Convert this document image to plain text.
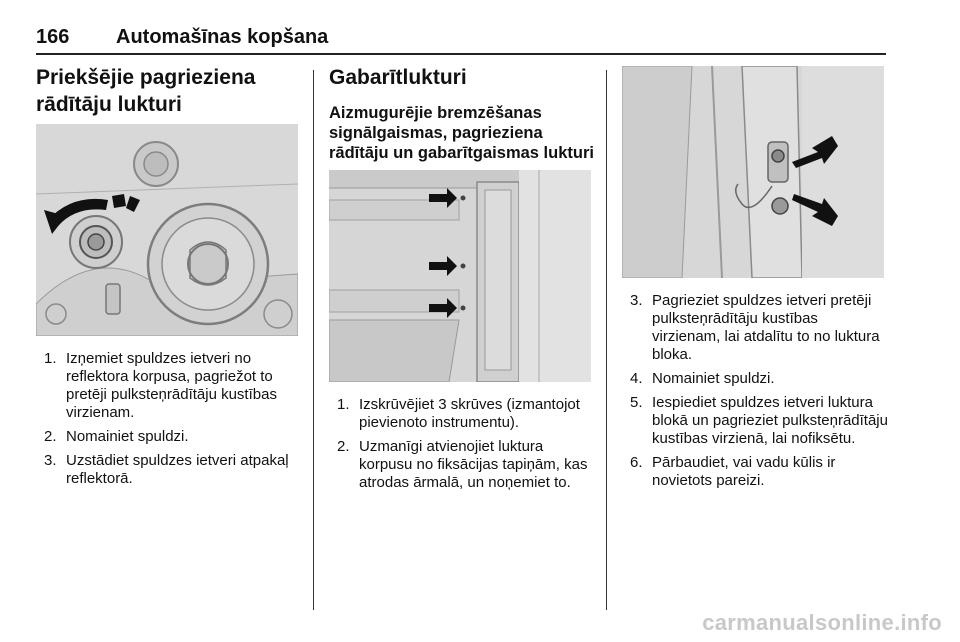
166 Automašīnas kopšana
Priekšējie pagrieziena
rādītāju lukturi
1. Izņemiet spuldzes ietveri no reflektora korpusa, pagriežot to pretēji pulksteņrādītāju kustības virzienam.
2. Nomainiet spuldzi.
3. Uzstādiet spuldzes ietveri atpakaļ reflektorā.
Gabarītlukturi
Aizmugurējie bremzēšanas
signālgaismas, pagrieziena
rādītāju un gabarītgaismas lukturi
1. Izskrūvējiet 3 skrūves (izmantojot pievienoto instrumentu).
2. Uzmanīgi atvienojiet luktura korpusu no fiksācijas tapiņām, kas atrodas ārmalā, un noņemiet to.
3. Pagrieziet spuldzes ietveri pretēji pulksteņrādītāju kustības virzienam, lai atdalītu to no luktura bloka.
4. Nomainiet spuldzi.
5. Iespiediet spuldzes ietveri luktura blokā un pagrieziet pulksteņrādītāju kustības virzienā, lai nofiksētu.
6. Pārbaudiet, vai vadu kūlis ir novietots pareizi.
carmanualsonline.info
